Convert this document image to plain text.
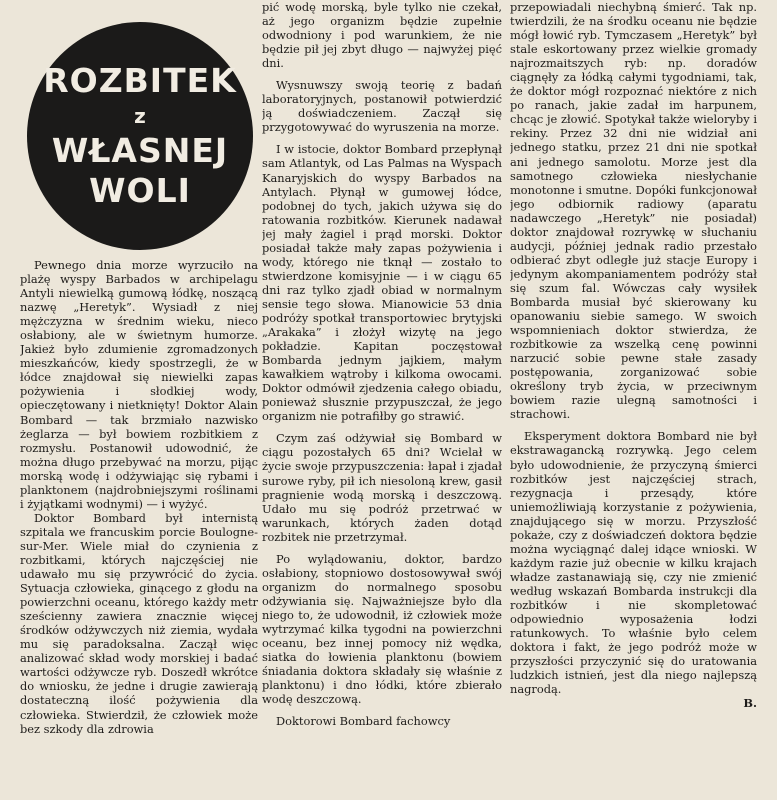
ROZBITEK
z
WŁASNEJ
WOLI

Pewnego dnia morze wyrzuciło na plażę wyspy Barbados w archipelagu Antyli niewielką gumową łódkę, noszącą nazwę „Heretyk”. Wysiadł z niej mężczyzna w średnim wieku, nieco osłabiony, ale w świetnym humorze. Jakież było zdumienie zgromadzonych mieszkańców, kiedy spostrzegli, że w łódce znajdował się niewielki zapas pożywienia i słodkiej wody, opieczętowany i nietknięty! Doktor Alain Bombard — tak brzmiało nazwisko żeglarza — był bowiem rozbitkiem z rozmysłu. Postanowił udowodnić, że można długo przebywać na morzu, pijąc morską wodę i odżywiając się rybami i planktonem (najdrobniejszymi roślinami i żyjątkami wodnymi) — i wyżyć.

Doktor Bombard był internistą szpitala we francuskim porcie Boulogne-sur-Mer. Wiele miał do czynienia z rozbitkami, których najczęściej nie udawało mu się przywrócić do życia. Sytuacja człowieka, ginącego z głodu na powierzchni oceanu, którego każdy metr sześcienny zawiera znacznie więcej środków odżywczych niż ziemia, wydała mu się paradoksalna. Zaczął więc analizować skład wody morskiej i badać wartości odżywcze ryb. Doszedł wkrótce do wniosku, że jedne i drugie zawierają dostateczną ilość pożywienia dla człowieka. Stwierdził, że człowiek może bez szkody dla zdrowia

pić wodę morską, byle tylko nie czekał, aż jego organizm będzie zupełnie odwodniony i pod warunkiem, że nie będzie pił jej zbyt długo — najwyżej pięć dni.

Wysnuwszy swoją teorię z badań laboratoryjnych, postanowił potwierdzić ją doświadczeniem. Zaczął się przygotowywać do wyruszenia na morze.

I w istocie, doktor Bombard przepłynął sam Atlantyk, od Las Palmas na Wyspach Kanaryjskich do wyspy Barbados na Antylach. Płynął w gumowej łódce, podobnej do tych, jakich używa się do ratowania rozbitków. Kierunek nadawał jej mały żagiel i prąd morski. Doktor posiadał także mały zapas pożywienia i wody, którego nie tknął — zostało to stwierdzone komisyjnie — i w ciągu 65 dni raz tylko zjadł obiad w normalnym sensie tego słowa. Mianowicie 53 dnia podróży spotkał transportowiec brytyjski „Arakaka” i złożył wizytę na jego pokładzie. Kapitan poczęstował Bombarda jednym jajkiem, małym kawałkiem wątroby i kilkoma owocami. Doktor odmówił zjedzenia całego obiadu, ponieważ słusznie przypuszczał, że jego organizm nie potrafiłby go strawić.

Czym zaś odżywiał się Bombard w ciągu pozostałych 65 dni? Wcielał w życie swoje przypuszczenia: łapał i zjadał surowe ryby, pił ich niesoloną krew, gasił pragnienie wodą morską i deszczową. Udało mu się podróż przetrwać w warunkach, których żaden dotąd rozbitek nie przetrzymał.

Po wylądowaniu, doktor, bardzo osłabiony, stopniowo dostosowywał swój organizm do normalnego sposobu odżywiania się. Najważniejsze było dla niego to, że udowodnił, iż człowiek może wytrzymać kilka tygodni na powierzchni oceanu, bez innej pomocy niż wędka, siatka do łowienia planktonu (bowiem śniadania doktora składały się właśnie z planktonu) i dno łódki, które zbierało wodę deszczową.

Doktorowi Bombard fachowcy

przepowiadali niechybną śmierć. Tak np. twierdzili, że na środku oceanu nie będzie mógł łowić ryb. Tymczasem „Heretyk” był stale eskortowany przez wielkie gromady najrozmaitszych ryb: np. doradów ciągnęły za łódką całymi tygodniami, tak, że doktor mógł rozpoznać niektóre z nich po ranach, jakie zadał im harpunem, chcąc je złowić. Spotykał także wieloryby i rekiny. Przez 32 dni nie widział ani jednego statku, przez 21 dni nie spotkał ani jednego samolotu. Morze jest dla samotnego człowieka niesłychanie monotonne i smutne. Dopóki funkcjonował jego odbiornik radiowy (aparatu nadawczego „Heretyk” nie posiadał) doktor znajdował rozrywkę w słuchaniu audycji, później jednak radio przestało odbierać zbyt odległe już stacje Europy i jedynym akompaniamentem podróży stał się szum fal. Wówczas cały wysiłek Bombarda musiał być skierowany ku opanowaniu siebie samego. W swoich wspomnieniach doktor stwierdza, że rozbitkowie za wszelką cenę powinni narzucić sobie pewne stałe zasady postępowania, zorganizować sobie określony tryb życia, w przeciwnym bowiem razie ulegną samotności i strachowi.

Eksperyment doktora Bombard nie był ekstrawagancką rozrywką. Jego celem było udowodnienie, że przyczyną śmierci rozbitków jest najczęściej strach, rezygnacja i przesądy, które uniemożliwiają korzystanie z pożywienia, znajdującego się w morzu. Przyszłość pokaże, czy z doświadczeń doktora będzie można wyciągnąć dalej idące wnioski. W każdym razie już obecnie w kilku krajach władze zastanawiają się, czy nie zmienić według wskazań Bombarda instrukcji dla rozbitków i nie skompletować odpowiednio wyposażenia łodzi ratunkowych. To właśnie było celem doktora i fakt, że jego podróż może w przyszłości przyczynić się do uratowania ludzkich istnień, jest dla niego najlepszą nagrodą.

B.
